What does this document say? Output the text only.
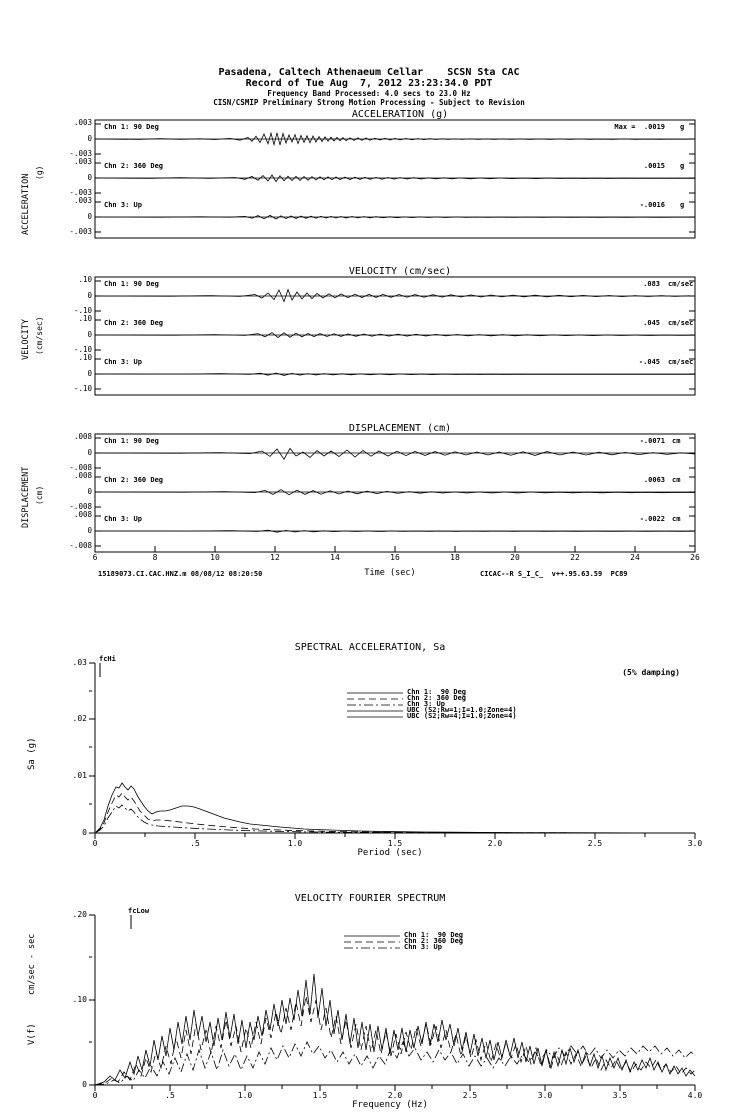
Pasadena, Caltech Athenaeum Cellar    SCSN Sta CAC
Record of Tue Aug  7, 2012 23:23:34.0 PDT
Frequency Band Processed: 4.0 secs to 23.0 Hz
CISN/CSMIP Preliminary Strong Motion Processing - Subject to Revision
ACCELERATION (g)
ACCELERATION
(g)
.003
0
-.003
.003
0
-.003
.003
0
-.003
Chn 1: 90 Deg
Chn 2: 360 Deg
Chn 3: Up
Max =  .0019 g
.0015 g
-.0016 g
VELOCITY (cm/sec)
VELOCITY (cm/sec)
.10
0
-.10
.10
0
-.10
.10
0
-.10
Chn 1: 90 Deg
Chn 2: 360 Deg
Chn 3: Up
.083 cm/sec
.045 cm/sec
-.045 cm/sec
DISPLACEMENT (cm)
DISPLACEMENT (cm)
.008
0
-.008
.008
0
-.008
.008
0
-.008
Chn 1: 90 Deg
Chn 2: 360 Deg
Chn 3: Up
-.0071 cm
.0063 cm
-.0022 cm
6	8	10	12	14	16	18	20	22	24	26
15189073.CI.CAC.HNZ.m 08/08/12 08:20:50	Time (sec)	CICAC--R S_I_C_  v++.95.63.59  PC89
SPECTRAL ACCELERATION, Sa
Sa (g)
Period (sec)
fcHi
(5% damping)
0
.01
.02
.03
0	.5	1.0	1.5	2.0	2.5	3.0
Chn 1:  90 Deg
Chn 2: 360 Deg
Chn 3: Up
UBC (S2;Rw=1;I=1.0;Zone=4)
UBC (S2;Rw=4;I=1.0;Zone=4)
VELOCITY FOURIER SPECTRUM
V(f)
cm/sec - sec
Frequency (Hz)
fcLow
0
.10
.20
0	.5	1.0	1.5	2.0	2.5	3.0	3.5	4.0
Chn 1:  90 Deg
Chn 2: 360 Deg
Chn 3: Up
